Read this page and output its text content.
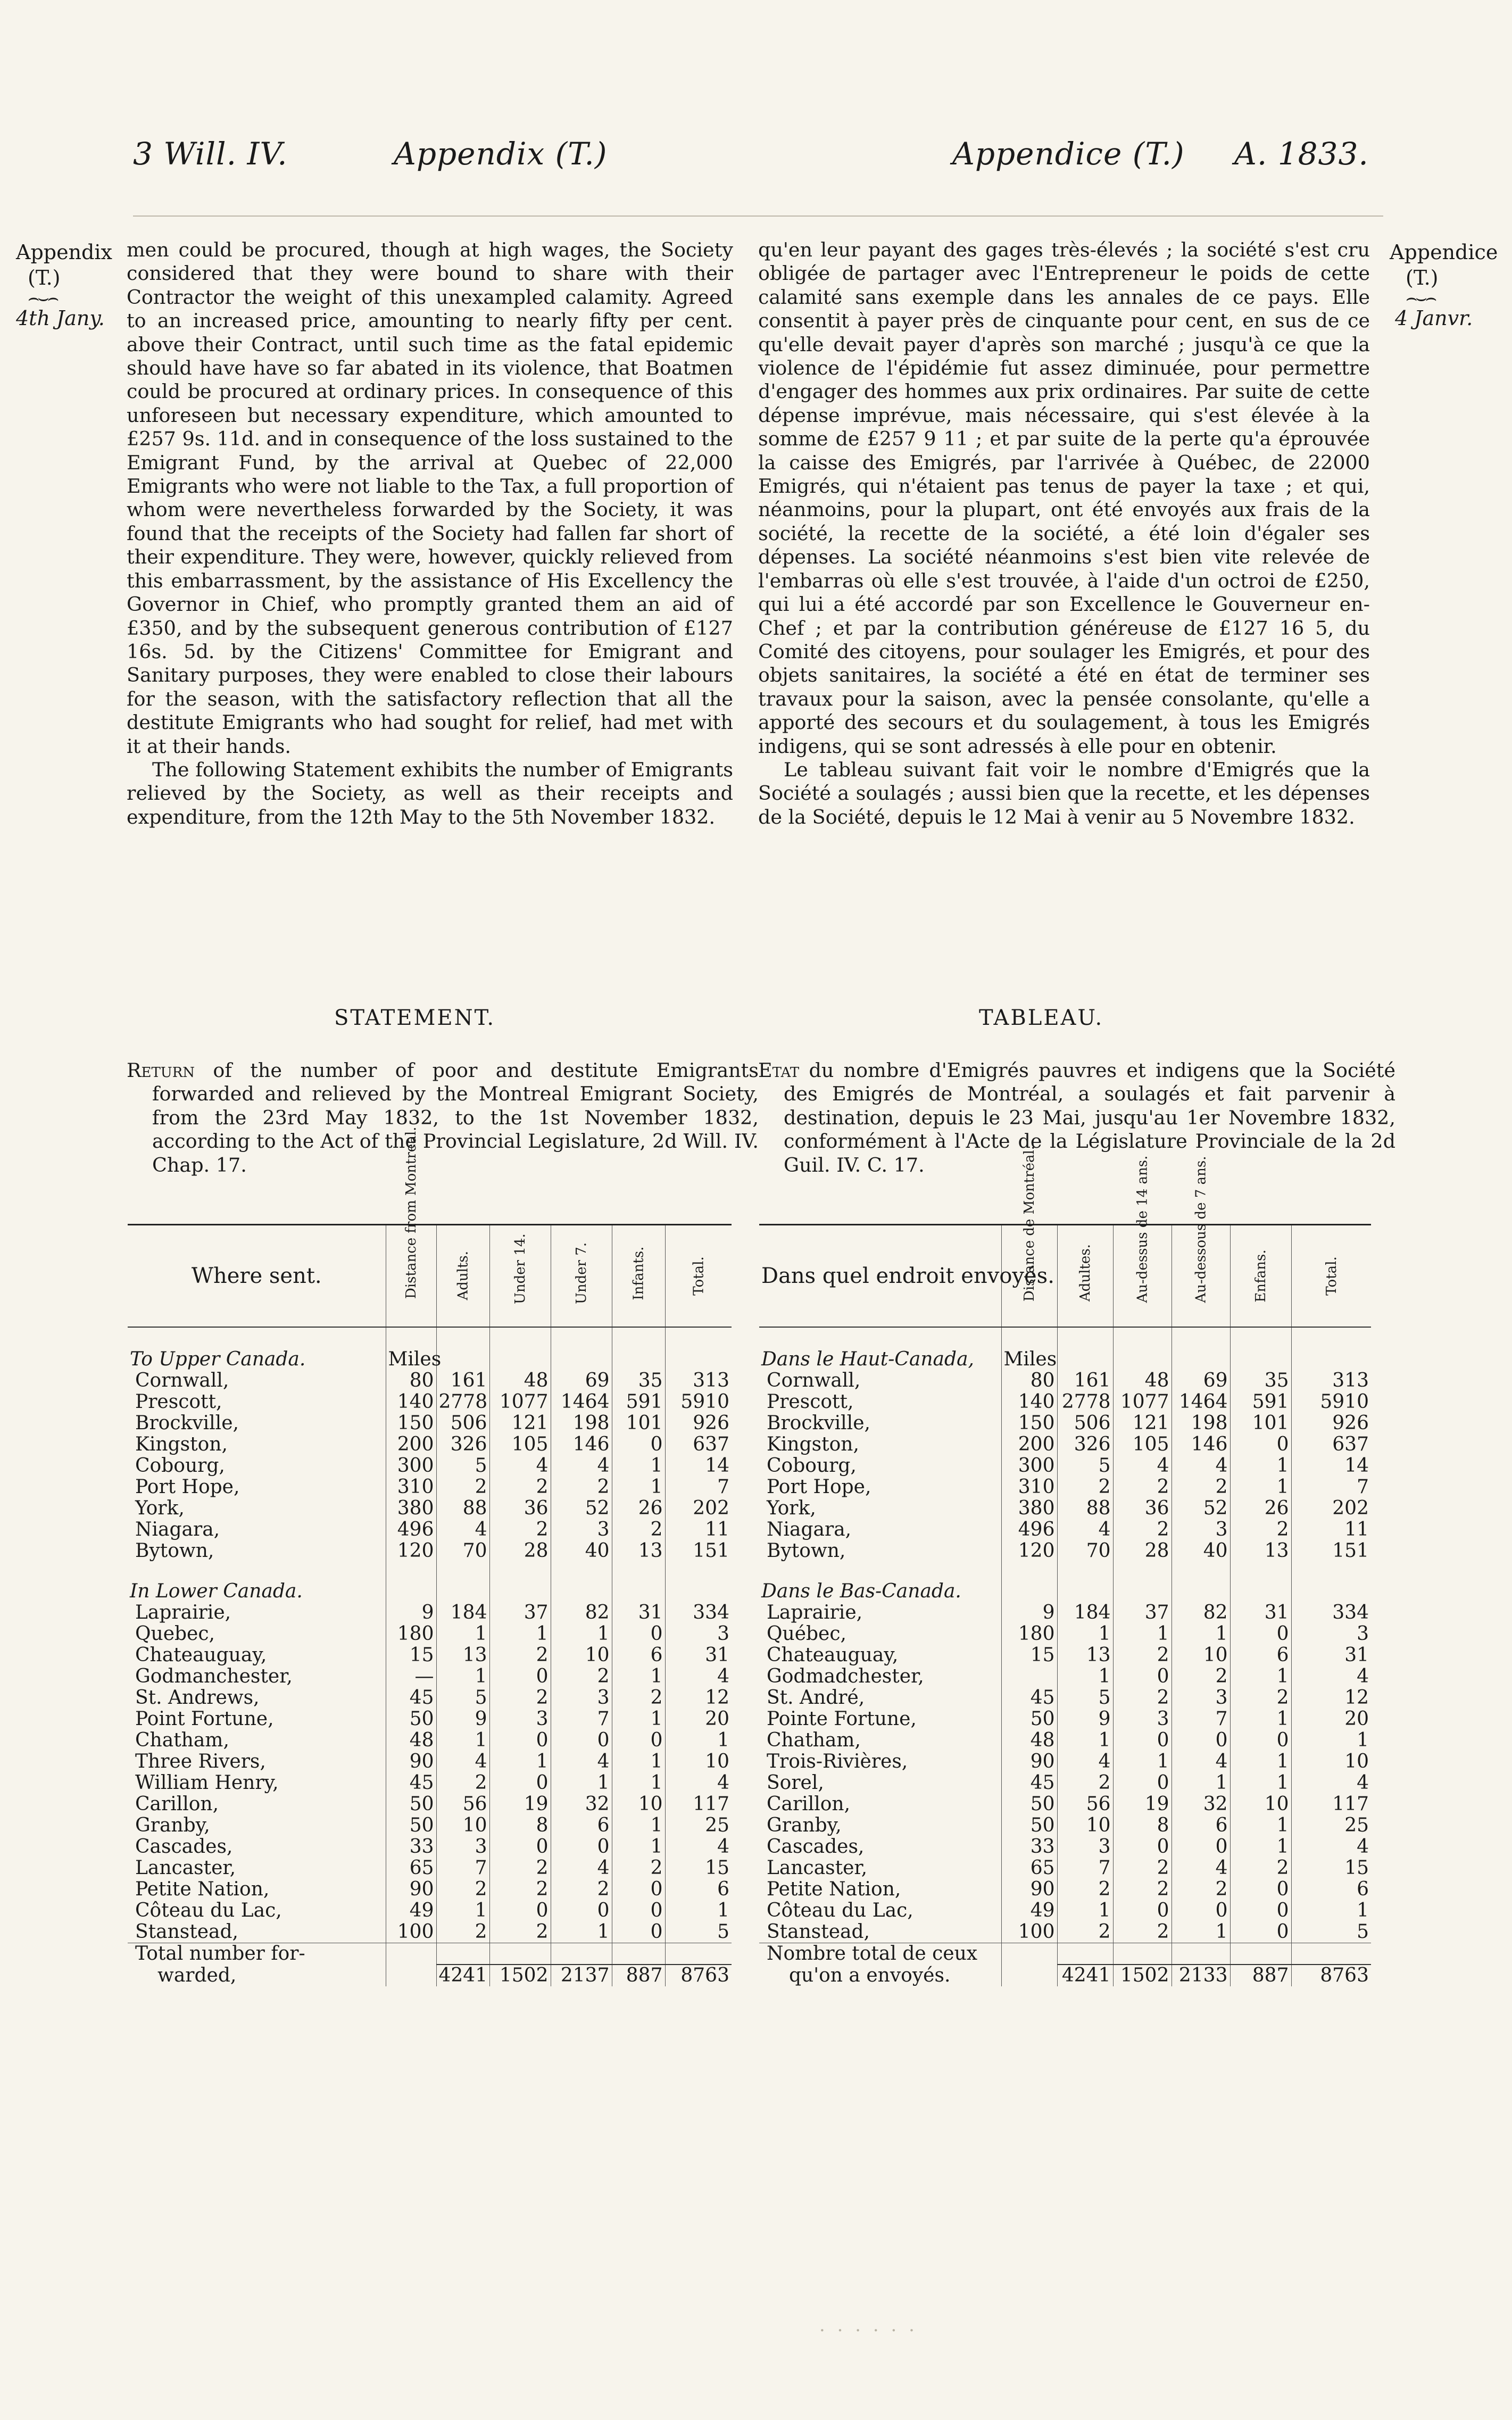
3 Will. IV.	Appendix (T.)	Appendice (T.) A. 1833.
Appendix
(T.)
⌢⌣⌢
4th Jany.
Appendice
(T.)
⌢⌣⌢
4 Janvr.

men could be procured, though at high wages, the Society considered that they were bound to share with their Contractor the weight of this unexampled calamity. Agreed to an increased price, amounting to nearly fifty per cent. above their Contract, until such time as the fatal epidemic should have have so far abated in its violence, that Boatmen could be procured at ordinary prices. In consequence of this unforeseen but necessary expenditure, which amounted to £257 9s. 11d. and in consequence of the loss sustained to the Emigrant Fund, by the arrival at Quebec of 22,000 Emigrants who were not liable to the Tax, a full proportion of whom were nevertheless forwarded by the Society, it was found that the receipts of the Society had fallen far short of their expenditure. They were, however, quickly relieved from this embarrassment, by the assistance of His Excellency the Governor in Chief, who promptly granted them an aid of £350, and by the subsequent generous contribution of £127 16s. 5d. by the Citizens' Committee for Emigrant and Sanitary purposes, they were enabled to close their labours for the season, with the satisfactory reflection that all the destitute Emigrants who had sought for relief, had met with it at their hands.

The following Statement exhibits the number of Emigrants relieved by the Society, as well as their receipts and expenditure, from the 12th May to the 5th November 1832.

qu'en leur payant des gages très-élevés ; la société s'est cru obligée de partager avec l'Entrepreneur le poids de cette calamité sans exemple dans les annales de ce pays. Elle consentit à payer près de cinquante pour cent, en sus de ce qu'elle devait payer d'après son marché ; jusqu'à ce que la violence de l'épidémie fut assez diminuée, pour permettre d'engager des hommes aux prix ordinaires. Par suite de cette dépense imprévue, mais nécessaire, qui s'est élevée à la somme de £257 9 11 ; et par suite de la perte qu'a éprouvée la caisse des Emigrés, par l'arrivée à Québec, de 22000 Emigrés, qui n'étaient pas tenus de payer la taxe ; et qui, néanmoins, pour la plupart, ont été envoyés aux frais de la société, la recette de la société, a été loin d'égaler ses dépenses. La société néanmoins s'est bien vite relevée de l'embarras où elle s'est trouvée, à l'aide d'un octroi de £250, qui lui a été accordé par son Excellence le Gouverneur en-Chef ; et par la contribution généreuse de £127 16 5, du Comité des citoyens, pour soulager les Emigrés, et pour des objets sanitaires, la société a été en état de terminer ses travaux pour la saison, avec la pensée consolante, qu'elle a apporté des secours et du soulagement, à tous les Emigrés indigens, qui se sont adressés à elle pour en obtenir.

Le tableau suivant fait voir le nombre d'Emigrés que la Société a soulagés ; aussi bien que la recette, et les dépenses de la Société, depuis le 12 Mai à venir au 5 Novembre 1832.

STATEMENT.	TABLEAU.
Return of the number of poor and destitute Emigrants forwarded and relieved by the Montreal Emigrant Society, from the 23rd May 1832, to the 1st November 1832, according to the Act of the Provincial Legislature, 2d Will. IV. Chap. 17.
Etat du nombre d'Emigrés pauvres et indigens que la Société des Emigrés de Montréal, a soulagés et fait parvenir à destination, depuis le 23 Mai, jusqu'au 1er Novembre 1832, conformément à l'Acte de la Législature Provinciale de la 2d Guil. IV. C. 17.
Where sent.	Distance from Montreal.	Adults.	Under 14.	Under 7.	Infants.	Total.

To Upper Canada.	Miles					
Cornwall,	80	161	48	69	35	313
Prescott,	140	2778	1077	1464	591	5910
Brockville,	150	506	121	198	101	926
Kingston,	200	326	105	146	0	637
Cobourg,	300	5	4	4	1	14
Port Hope,	310	2	2	2	1	7
York,	380	88	36	52	26	202
Niagara,	496	4	2	3	2	11
Bytown,	120	70	28	40	13	151

In Lower Canada.						
Laprairie,	9	184	37	82	31	334
Quebec,	180	1	1	1	0	3
Chateauguay,	15	13	2	10	6	31
Godmanchester,	—	1	0	2	1	4
St. Andrews,	45	5	2	3	2	12
Point Fortune,	50	9	3	7	1	20
Chatham,	48	1	0	0	0	1
Three Rivers,	90	4	1	4	1	10
William Henry,	45	2	0	1	1	4
Carillon,	50	56	19	32	10	117
Granby,	50	10	8	6	1	25
Cascades,	33	3	0	0	1	4
Lancaster,	65	7	2	4	2	15
Petite Nation,	90	2	2	2	0	6
Côteau du Lac,	49	1	0	0	0	1
Stanstead,	100	2	2	1	0	5
Total number for-						
warded,		4241	1502	2137	887	8763
Dans quel endroit envoyés.	Distance de Montréal.	Adultes.	Au-dessus de 14 ans.	Au-dessous de 7 ans.	Enfans.	Total.

Dans le Haut-Canada,	Miles					
Cornwall,	80	161	48	69	35	313
Prescott,	140	2778	1077	1464	591	5910
Brockville,	150	506	121	198	101	926
Kingston,	200	326	105	146	0	637
Cobourg,	300	5	4	4	1	14
Port Hope,	310	2	2	2	1	7
York,	380	88	36	52	26	202
Niagara,	496	4	2	3	2	11
Bytown,	120	70	28	40	13	151

Dans le Bas-Canada.						
Laprairie,	9	184	37	82	31	334
Québec,	180	1	1	1	0	3
Chateauguay,	15	13	2	10	6	31
Godmadchester,		1	0	2	1	4
St. André,	45	5	2	3	2	12
Pointe Fortune,	50	9	3	7	1	20
Chatham,	48	1	0	0	0	1
Trois-Rivières,	90	4	1	4	1	10
Sorel,	45	2	0	1	1	4
Carillon,	50	56	19	32	10	117
Granby,	50	10	8	6	1	25
Cascades,	33	3	0	0	1	4
Lancaster,	65	7	2	4	2	15
Petite Nation,	90	2	2	2	0	6
Côteau du Lac,	49	1	0	0	0	1
Stanstead,	100	2	2	1	0	5
Nombre total de ceux						
qu'on a envoyés.		4241	1502	2133	887	8763
· · · · · ·
